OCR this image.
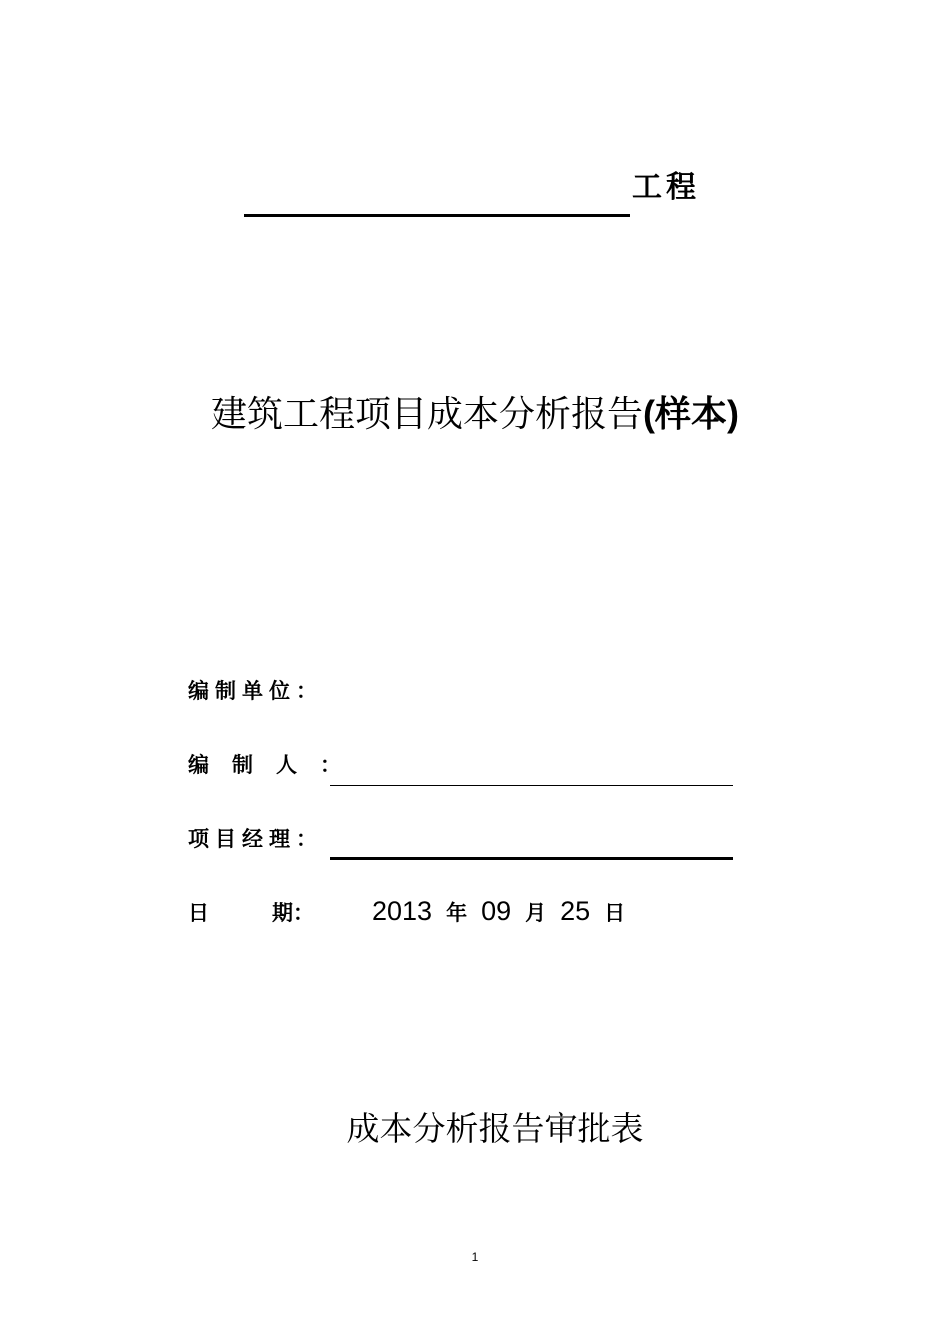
工程
建筑工程项目成本分析报告(样本)
编制单位：
编制人：
项目经理：
日	期： 2013 年 09 月 25 日
成本分析报告审批表
1
